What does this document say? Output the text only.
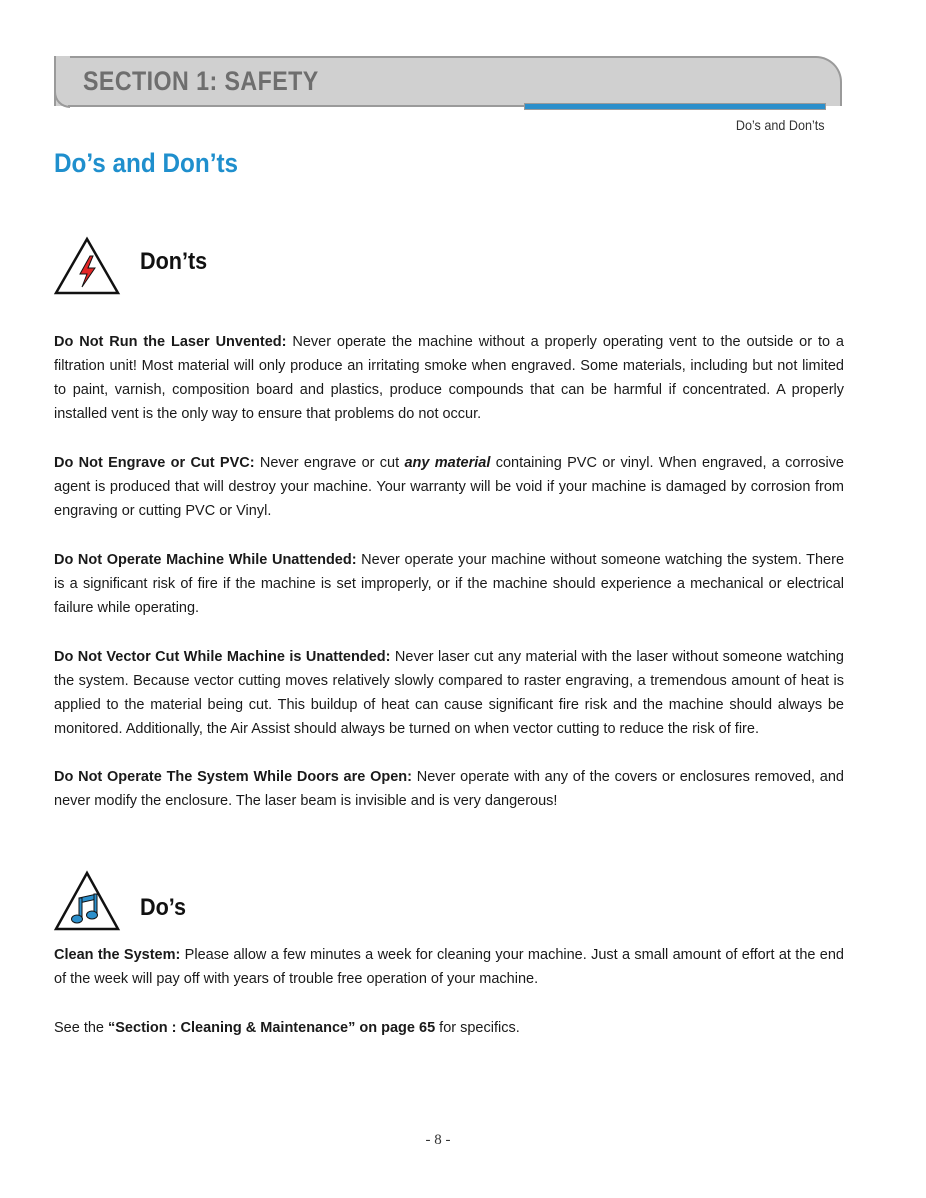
SECTION 1: SAFETY
Do’s and Don’ts
Do’s and Don’ts
Don’ts
Do Not Run the Laser Unvented: Never operate the machine without a properly operating vent to the outside or to a filtration unit! Most material will only produce an irritating smoke when engraved. Some materials, including but not limited to paint, varnish, composition board and plastics, produce compounds that can be harmful if concentrated. A properly installed vent is the only way to ensure that problems do not occur.
Do Not Engrave or Cut PVC: Never engrave or cut any material containing PVC or vinyl. When engraved, a corrosive agent is produced that will destroy your machine. Your warranty will be void if your machine is damaged by corrosion from engraving or cutting PVC or Vinyl.
Do Not Operate Machine While Unattended: Never operate your machine without someone watching the system. There is a significant risk of fire if the machine is set improperly, or if the machine should experience a mechanical or electrical failure while operating.
Do Not Vector Cut While Machine is Unattended: Never laser cut any material with the laser without someone watching the system. Because vector cutting moves relatively slowly compared to raster engraving, a tremendous amount of heat is applied to the material being cut. This buildup of heat can cause significant fire risk and the machine should always be monitored. Additionally, the Air Assist should always be turned on when vector cutting to reduce the risk of fire.
Do Not Operate The System While Doors are Open: Never operate with any of the covers or enclosures removed, and never modify the enclosure. The laser beam is invisible and is very dangerous!
Do’s
Clean the System: Please allow a few minutes a week for cleaning your machine. Just a small amount of effort at the end of the week will pay off with years of trouble free operation of your machine.
See the “Section : Cleaning & Maintenance” on page 65 for specifics.
- 8 -
